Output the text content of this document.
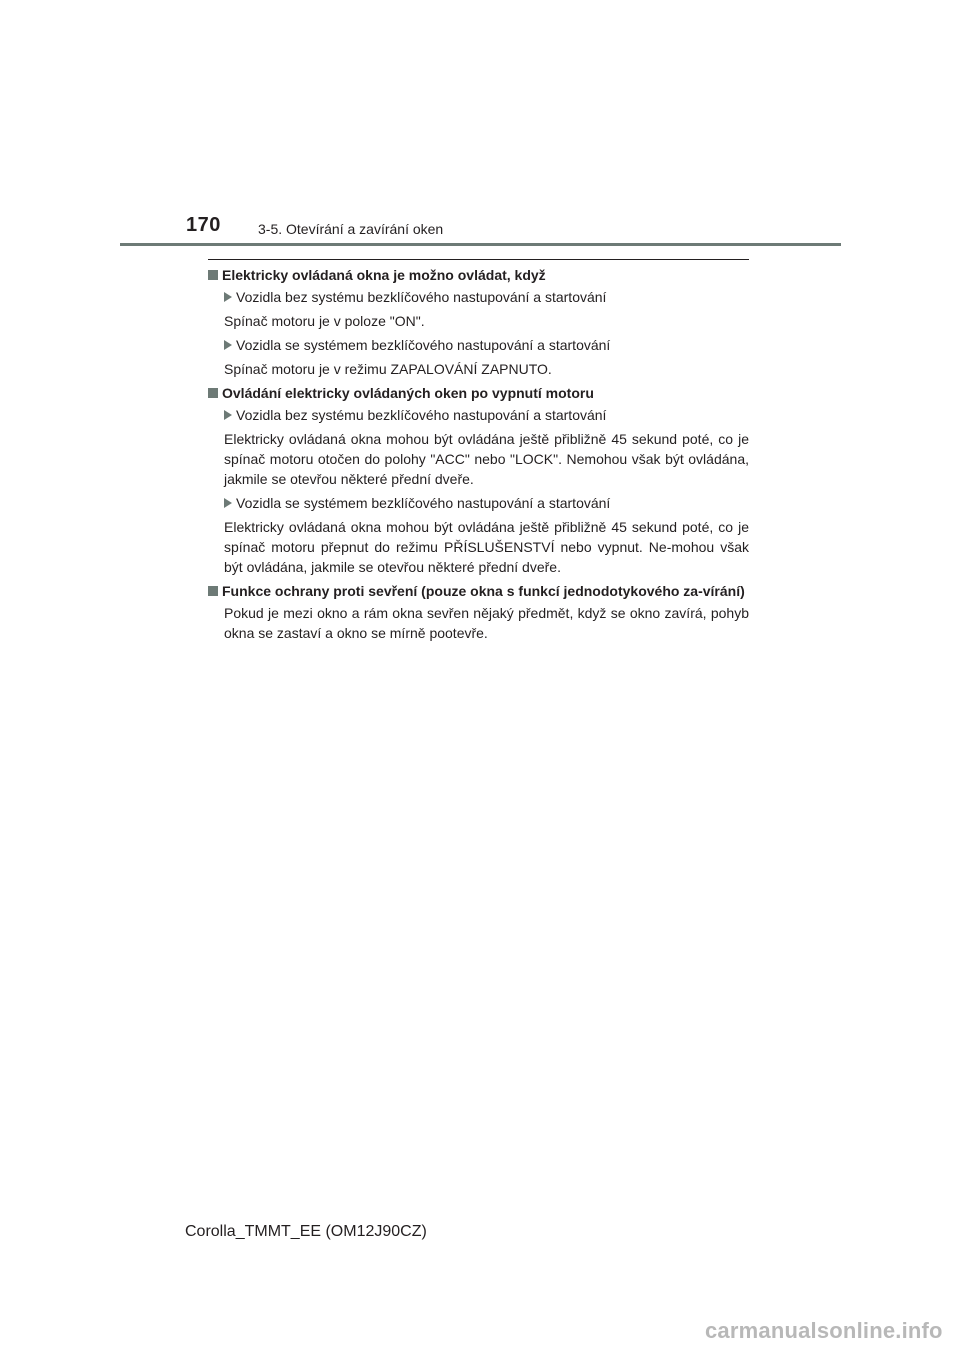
170	3-5. Otevírání a zavírání oken
Elektricky ovládaná okna je možno ovládat, když
Vozidla bez systému bezklíčového nastupování a startování
Spínač motoru je v poloze "ON".
Vozidla se systémem bezklíčového nastupování a startování
Spínač motoru je v režimu ZAPALOVÁNÍ ZAPNUTO.
Ovládání elektricky ovládaných oken po vypnutí motoru
Vozidla bez systému bezklíčového nastupování a startování
Elektricky ovládaná okna mohou být ovládána ještě přibližně 45 sekund poté, co je spínač motoru otočen do polohy "ACC" nebo "LOCK". Nemohou však být ovládána, jakmile se otevřou některé přední dveře.
Vozidla se systémem bezklíčového nastupování a startování
Elektricky ovládaná okna mohou být ovládána ještě přibližně 45 sekund poté, co je spínač motoru přepnut do režimu PŘÍSLUŠENSTVÍ nebo vypnut. Ne-mohou však být ovládána, jakmile se otevřou některé přední dveře.
Funkce ochrany proti sevření (pouze okna s funkcí jednodotykového za-vírání)
Pokud je mezi okno a rám okna sevřen nějaký předmět, když se okno zavírá, pohyb okna se zastaví a okno se mírně pootevře.
Corolla_TMMT_EE (OM12J90CZ)
carmanualsonline.info
